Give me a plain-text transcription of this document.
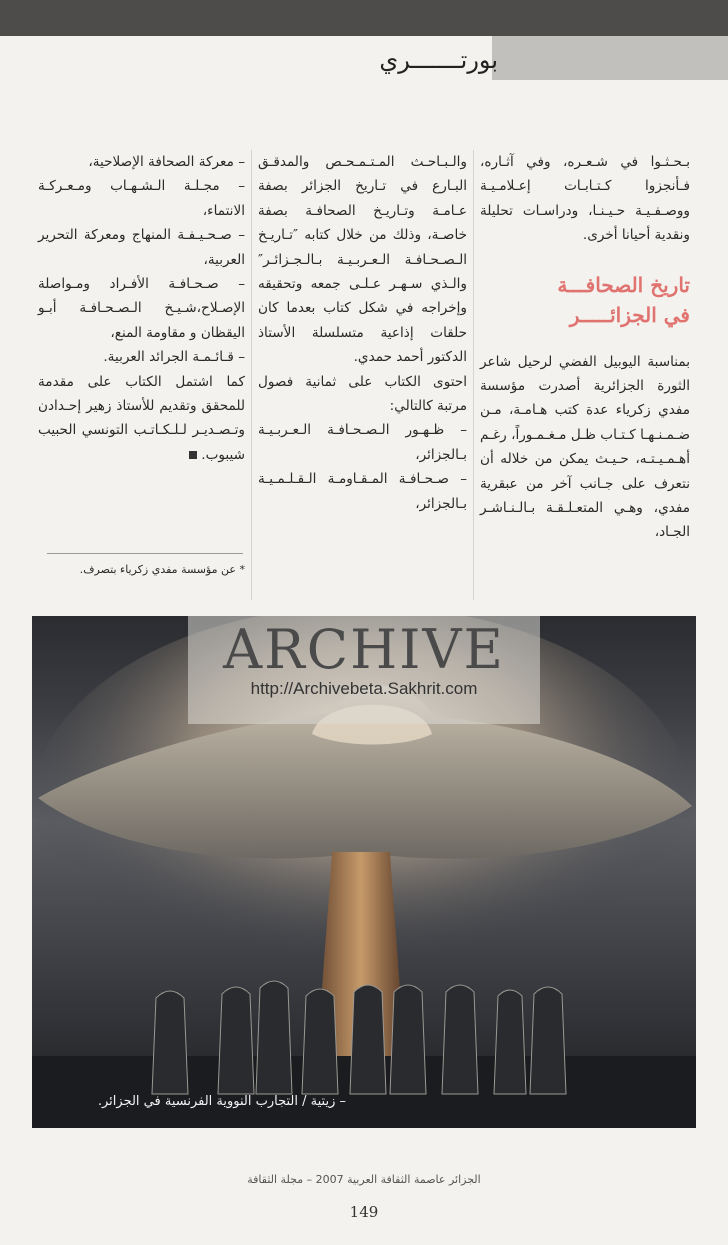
بورتـــــــري

بـحـثـوا في شـعـره، وفي آثـاره، فـأنجزوا كـتـابـات إعـلامـيـة ووصـفـيـة حـيـنـا، ودراسـات تحليلة ونقدية أحيانا أخرى.

تاريخ الصحافـــة
في الجزائـــــر

بمناسبة اليوبيل الفضي لرحيل شاعر الثورة الجزائرية أصدرت مؤسسة مفدي زكرياء عدة كتب هـامـة، مـن ضـمـنـهـا كـتـاب ظـل مـغـمـوراً، رغـم أهـمـيـتـه، حـيـث يمكن من خلاله أن نتعرف على جـانب آخر من عبقرية مفدي، وهـي المتعـلـقـة بـالـنـاشـر الجـاد،

والـبـاحـث المـتـمـحـص والمدقـق البـارع في تـاريخ الجزائر بصفة عـامـة وتـاريـخ الصحافـة بصفة خاصـة، وذلك من خلال كتابه ″تـاريـخ الـصـحـافـة الـعـربـيـة بـالـجـزائـر″ والـذي سـهـر عـلـى جمعه وتحقيقه وإخراجه في شكل كتاب بعدما كان حلقات إذاعية متسلسلة الأستاذ الدكتور أحمد حمدي.

احتوى الكتاب على ثمانية فصول مرتبة كالتالي:

– ظـهـور الـصـحـافـة الـعـربـيـة بـالجزائر،

– صـحـافـة المـقـاومـة الـقـلـمـيـة بـالجزائر،

– معركة الصحافة الإصلاحية،

– مجـلـة الـشـهـاب ومـعـركـة الانتماء،

– صـحـيـفـة المنهاج ومعركة التحرير العربية،

– صـحـافـة الأفـراد ومـواصلة الإصـلاح،شـيـخ الـصـحـافـة أبـو اليقظان و مقاومة المنع،

– قـائـمـة الجرائد العربية.

كما اشتمل الكتاب على مقدمة للمحقق وتقديم للأستاذ زهير إحـدادن وتـصـديـر لـلـكـاتـب التونسي الحبيب شيبوب.

* عن مؤسسة مفدي زكرياء بتصرف.
ARCHIVE
http://Archivebeta.Sakhrit.com
– زيتية / التجارب النووية الفرنسية في الجزائر.
الجزائر عاصمة الثقافة العربية 2007 – مجلة الثقافة
149
